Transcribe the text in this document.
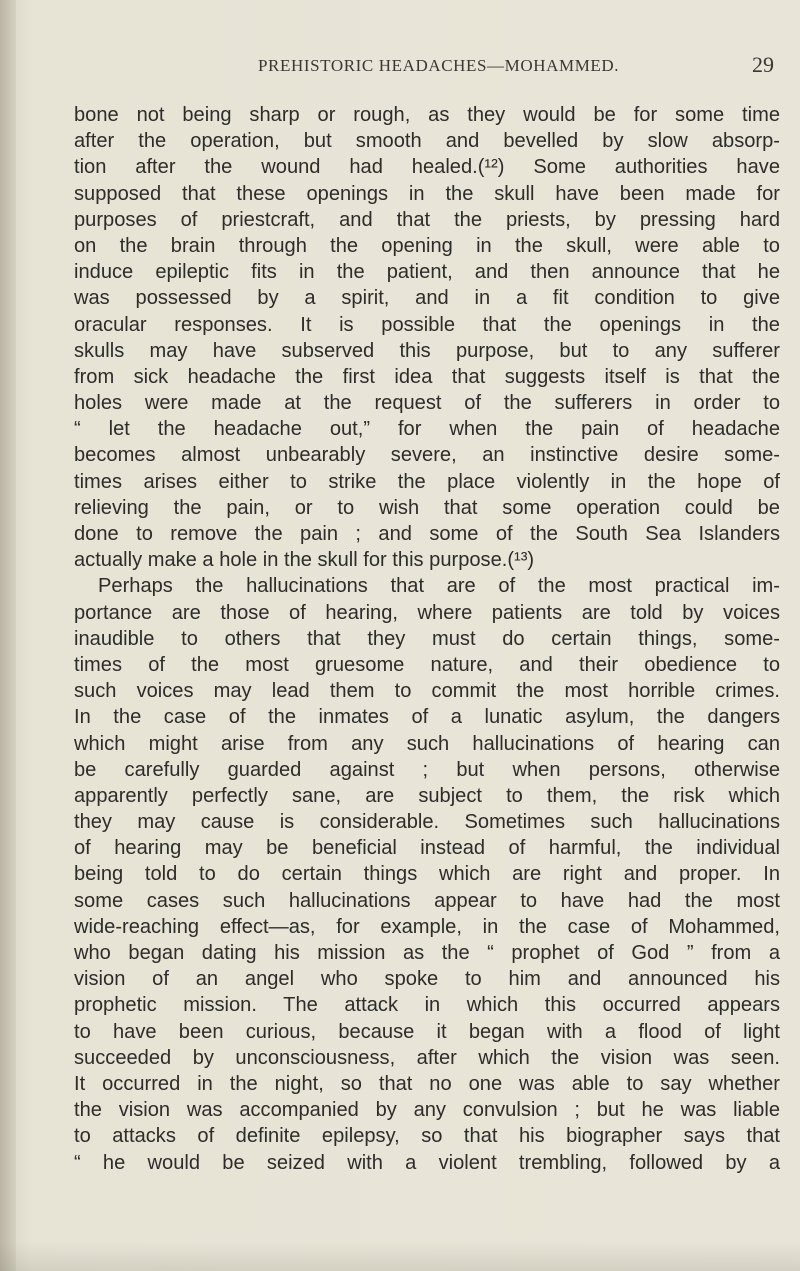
PREHISTORIC HEADACHES—MOHAMMED.	29
bone not being sharp or rough, as they would be for some time
after the operation, but smooth and bevelled by slow absorp-
tion after the wound had healed.(¹²) Some authorities have
supposed that these openings in the skull have been made for
purposes of priestcraft, and that the priests, by pressing hard
on the brain through the opening in the skull, were able to
induce epileptic fits in the patient, and then announce that he
was possessed by a spirit, and in a fit condition to give
oracular responses. It is possible that the openings in the
skulls may have subserved this purpose, but to any sufferer
from sick headache the first idea that suggests itself is that the
holes were made at the request of the sufferers in order to
“ let the headache out,” for when the pain of headache
becomes almost unbearably severe, an instinctive desire some-
times arises either to strike the place violently in the hope of
relieving the pain, or to wish that some operation could be
done to remove the pain ; and some of the South Sea Islanders
actually make a hole in the skull for this purpose.(¹³)
Perhaps the hallucinations that are of the most practical im-
portance are those of hearing, where patients are told by voices
inaudible to others that they must do certain things, some-
times of the most gruesome nature, and their obedience to
such voices may lead them to commit the most horrible crimes.
In the case of the inmates of a lunatic asylum, the dangers
which might arise from any such hallucinations of hearing can
be carefully guarded against ; but when persons, otherwise
apparently perfectly sane, are subject to them, the risk which
they may cause is considerable. Sometimes such hallucinations
of hearing may be beneficial instead of harmful, the individual
being told to do certain things which are right and proper. In
some cases such hallucinations appear to have had the most
wide-reaching effect—as, for example, in the case of Mohammed,
who began dating his mission as the “ prophet of God ” from a
vision of an angel who spoke to him and announced his
prophetic mission. The attack in which this occurred appears
to have been curious, because it began with a flood of light
succeeded by unconsciousness, after which the vision was seen.
It occurred in the night, so that no one was able to say whether
the vision was accompanied by any convulsion ; but he was liable
to attacks of definite epilepsy, so that his biographer says that
“ he would be seized with a violent trembling, followed by a
